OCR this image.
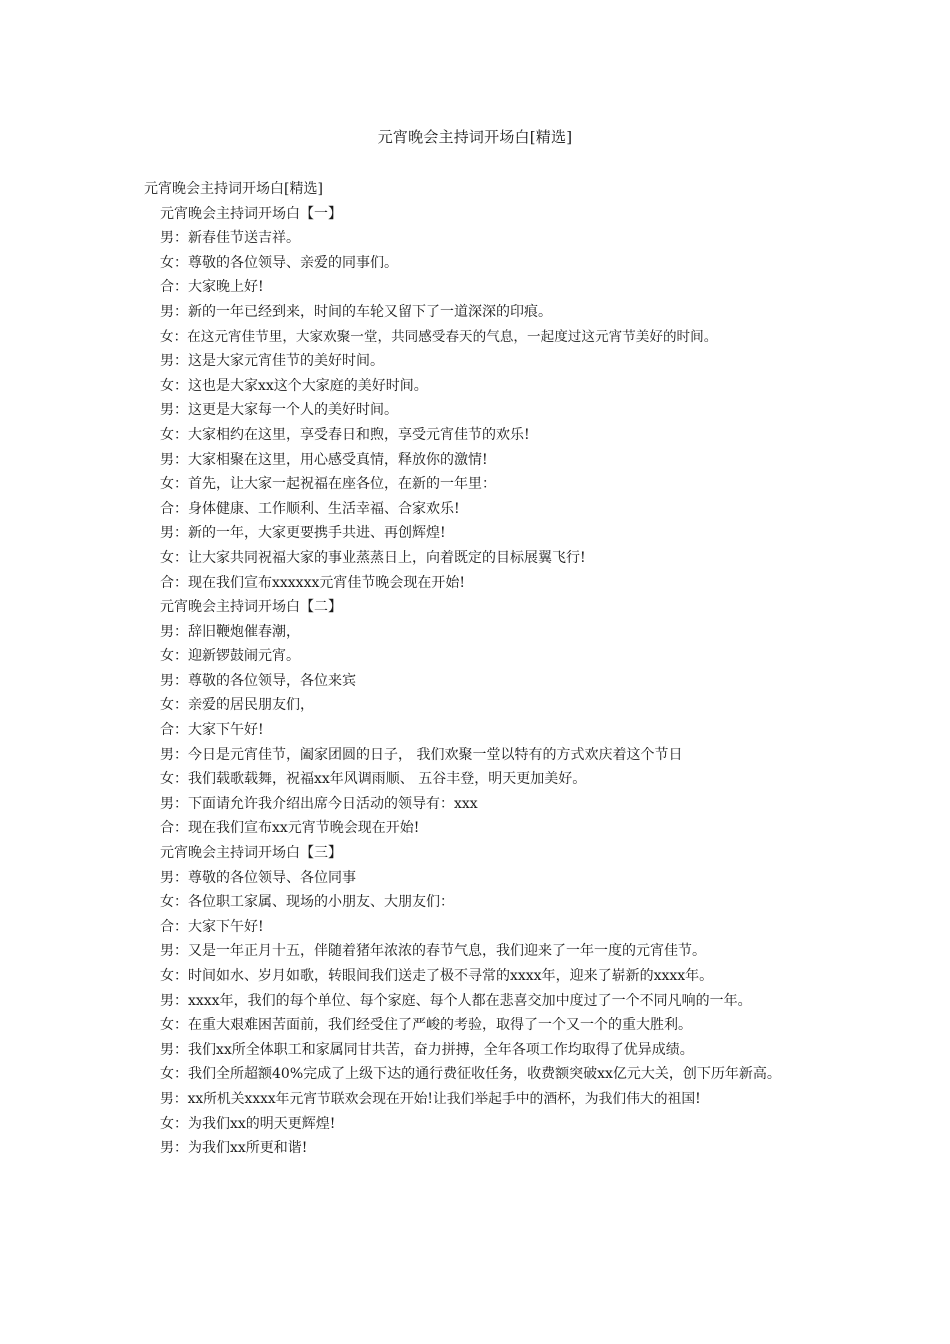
元宵晚会主持词开场白[精选]
元宵晚会主持词开场白[精选]
元宵晚会主持词开场白【一】
男：新春佳节送吉祥。
女：尊敬的各位领导、亲爱的同事们。
合：大家晚上好!
男：新的一年已经到来，时间的车轮又留下了一道深深的印痕。
女：在这元宵佳节里，大家欢聚一堂，共同感受春天的气息，一起度过这元宵节美好的时间。
男：这是大家元宵佳节的美好时间。
女：这也是大家xx这个大家庭的美好时间。
男：这更是大家每一个人的美好时间。
女：大家相约在这里，享受春日和煦，享受元宵佳节的欢乐!
男：大家相聚在这里，用心感受真情，释放你的激情!
女：首先，让大家一起祝福在座各位，在新的一年里：
合：身体健康、工作顺利、生活幸福、合家欢乐!
男：新的一年，大家更要携手共进、再创辉煌!
女：让大家共同祝福大家的事业蒸蒸日上，向着既定的目标展翼飞行!
合：现在我们宣布xxxxxx元宵佳节晚会现在开始!
元宵晚会主持词开场白【二】
男：辞旧鞭炮催春潮，
女：迎新锣鼓闹元宵。
男：尊敬的各位领导，各位来宾
女：亲爱的居民朋友们，
合：大家下午好!
男：今日是元宵佳节，阖家团圆的日子， 我们欢聚一堂以特有的方式欢庆着这个节日
女：我们载歌载舞，祝福xx年风调雨顺、 五谷丰登，明天更加美好。
男：下面请允许我介绍出席今日活动的领导有：xxx
合：现在我们宣布xx元宵节晚会现在开始!
元宵晚会主持词开场白【三】
男：尊敬的各位领导、各位同事
女：各位职工家属、现场的小朋友、大朋友们：
合：大家下午好!
男：又是一年正月十五，伴随着猪年浓浓的春节气息，我们迎来了一年一度的元宵佳节。
女：时间如水、岁月如歌，转眼间我们送走了极不寻常的xxxx年，迎来了崭新的xxxx年。
男：xxxx年，我们的每个单位、每个家庭、每个人都在悲喜交加中度过了一个不同凡响的一年。
女：在重大艰难困苦面前，我们经受住了严峻的考验，取得了一个又一个的重大胜利。
男：我们xx所全体职工和家属同甘共苦，奋力拼搏，全年各项工作均取得了优异成绩。
女：我们全所超额40%完成了上级下达的通行费征收任务，收费额突破xx亿元大关，创下历年新高。
男：xx所机关xxxx年元宵节联欢会现在开始!让我们举起手中的酒杯，为我们伟大的祖国!
女：为我们xx的明天更辉煌!
男：为我们xx所更和谐!
